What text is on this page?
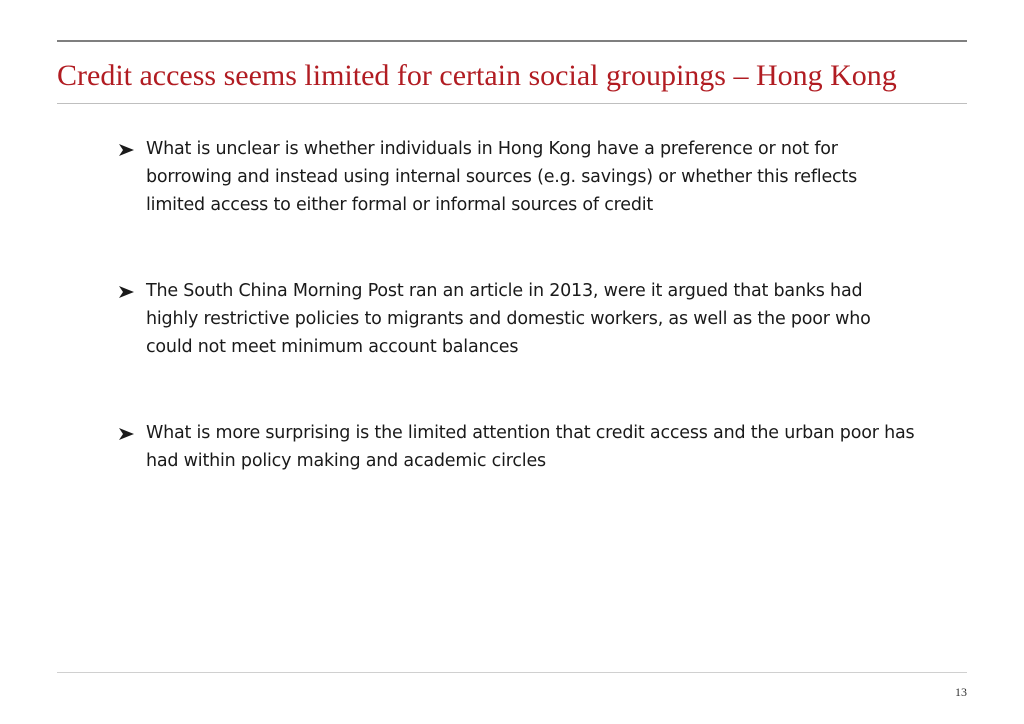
Credit access seems limited for certain social groupings – Hong Kong
What is unclear is whether individuals in Hong Kong have a preference or not for borrowing and instead using internal sources (e.g. savings) or whether this reflects limited access to either formal or informal sources of credit
The South China Morning Post ran an article in 2013, were it argued that banks had highly restrictive policies to migrants and domestic workers, as well as the poor who could not meet minimum account balances
What is more surprising is the limited attention that credit access and the urban poor has had within policy making and academic circles
13
